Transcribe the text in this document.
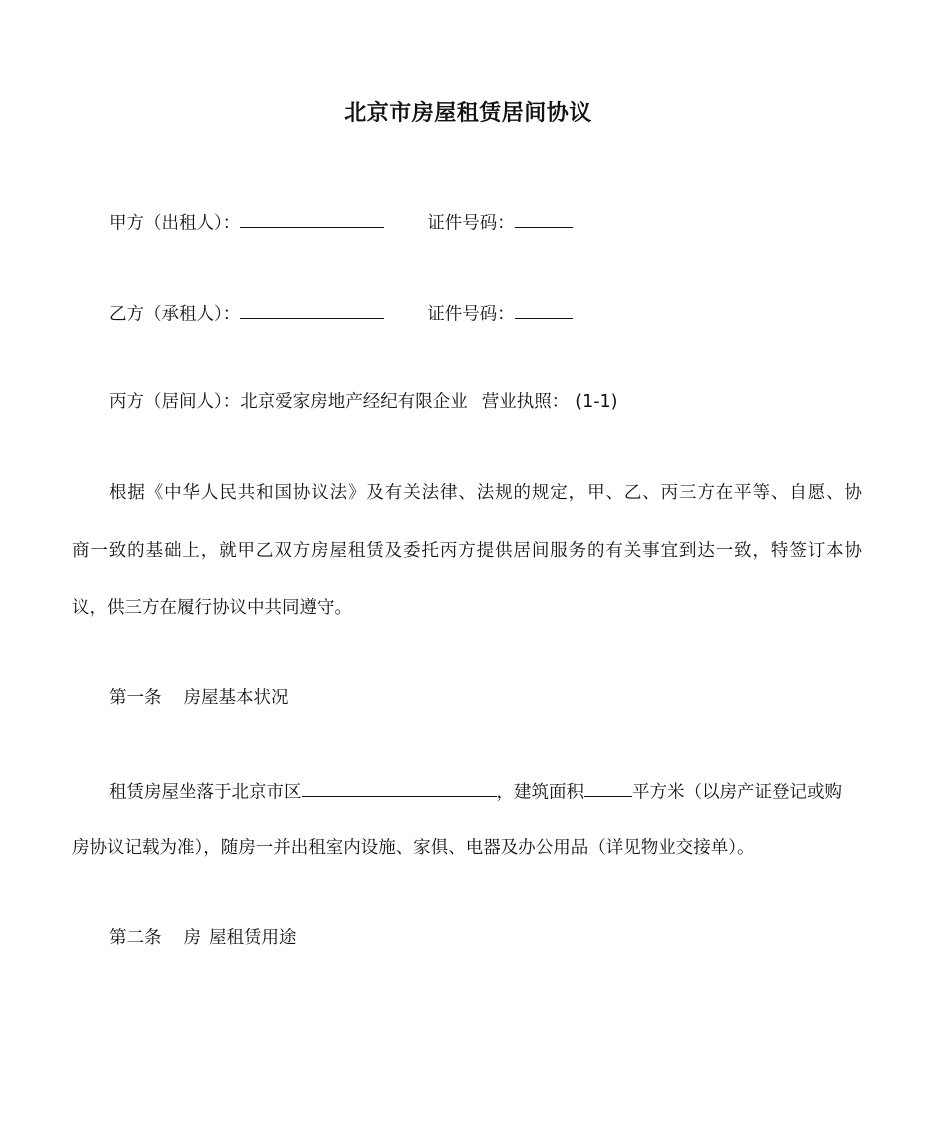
北京市房屋租赁居间协议
甲方（出租人）：	证件号码：
乙方（承租人）：	证件号码：
丙方（居间人）：北京爱家房地产经纪有限企业 营业执照： (1-1)
根据《中华人民共和国协议法》及有关法律、法规的规定，甲、乙、丙三方在平等、自愿、协
商一致的基础上，就甲乙双方房屋租赁及委托丙方提供居间服务的有关事宜到达一致，特签订本协
议，供三方在履行协议中共同遵守。
第一条 房屋基本状况
租赁房屋坐落于北京市区	，建筑面积	平方米（以房产证登记或购
房协议记载为准），随房一并出租室内设施、家俱、电器及办公用品（详见物业交接单）。
第二条 房 屋租赁用途
